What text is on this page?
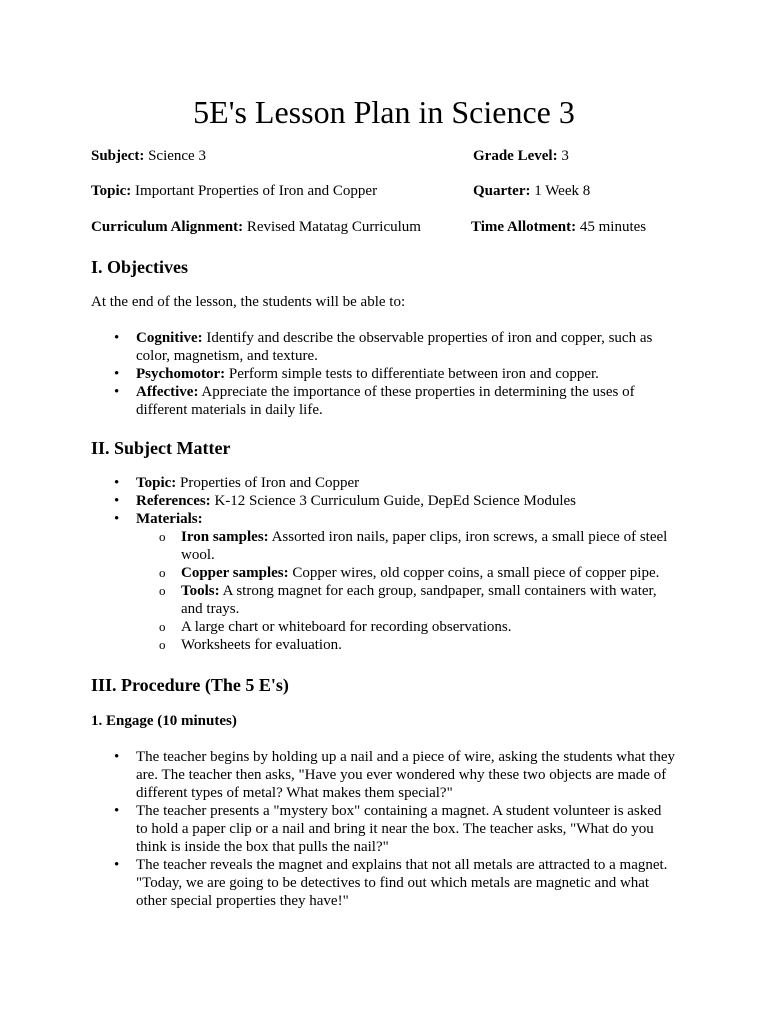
5E's Lesson Plan in Science 3
Subject: Science 3	Grade Level: 3
Topic: Important Properties of Iron and Copper	Quarter: 1 Week 8
Curriculum Alignment: Revised Matatag Curriculum	Time Allotment: 45 minutes
I. Objectives
At the end of the lesson, the students will be able to:
•	Cognitive: Identify and describe the observable properties of iron and copper, such as
color, magnetism, and texture.
•	Psychomotor: Perform simple tests to differentiate between iron and copper.
•	Affective: Appreciate the importance of these properties in determining the uses of
different materials in daily life.
II. Subject Matter
•	Topic: Properties of Iron and Copper
•	References: K-12 Science 3 Curriculum Guide, DepEd Science Modules
•	Materials:
o Iron samples: Assorted iron nails, paper clips, iron screws, a small piece of steel
wool.
o Copper samples: Copper wires, old copper coins, a small piece of copper pipe.
o Tools: A strong magnet for each group, sandpaper, small containers with water,
and trays.
o A large chart or whiteboard for recording observations.
o Worksheets for evaluation.
III. Procedure (The 5 E's)
1. Engage (10 minutes)
•	The teacher begins by holding up a nail and a piece of wire, asking the students what they
are. The teacher then asks, "Have you ever wondered why these two objects are made of
different types of metal? What makes them special?"
•	The teacher presents a "mystery box" containing a magnet. A student volunteer is asked
to hold a paper clip or a nail and bring it near the box. The teacher asks, "What do you
think is inside the box that pulls the nail?"
•	The teacher reveals the magnet and explains that not all metals are attracted to a magnet.
"Today, we are going to be detectives to find out which metals are magnetic and what
other special properties they have!"
